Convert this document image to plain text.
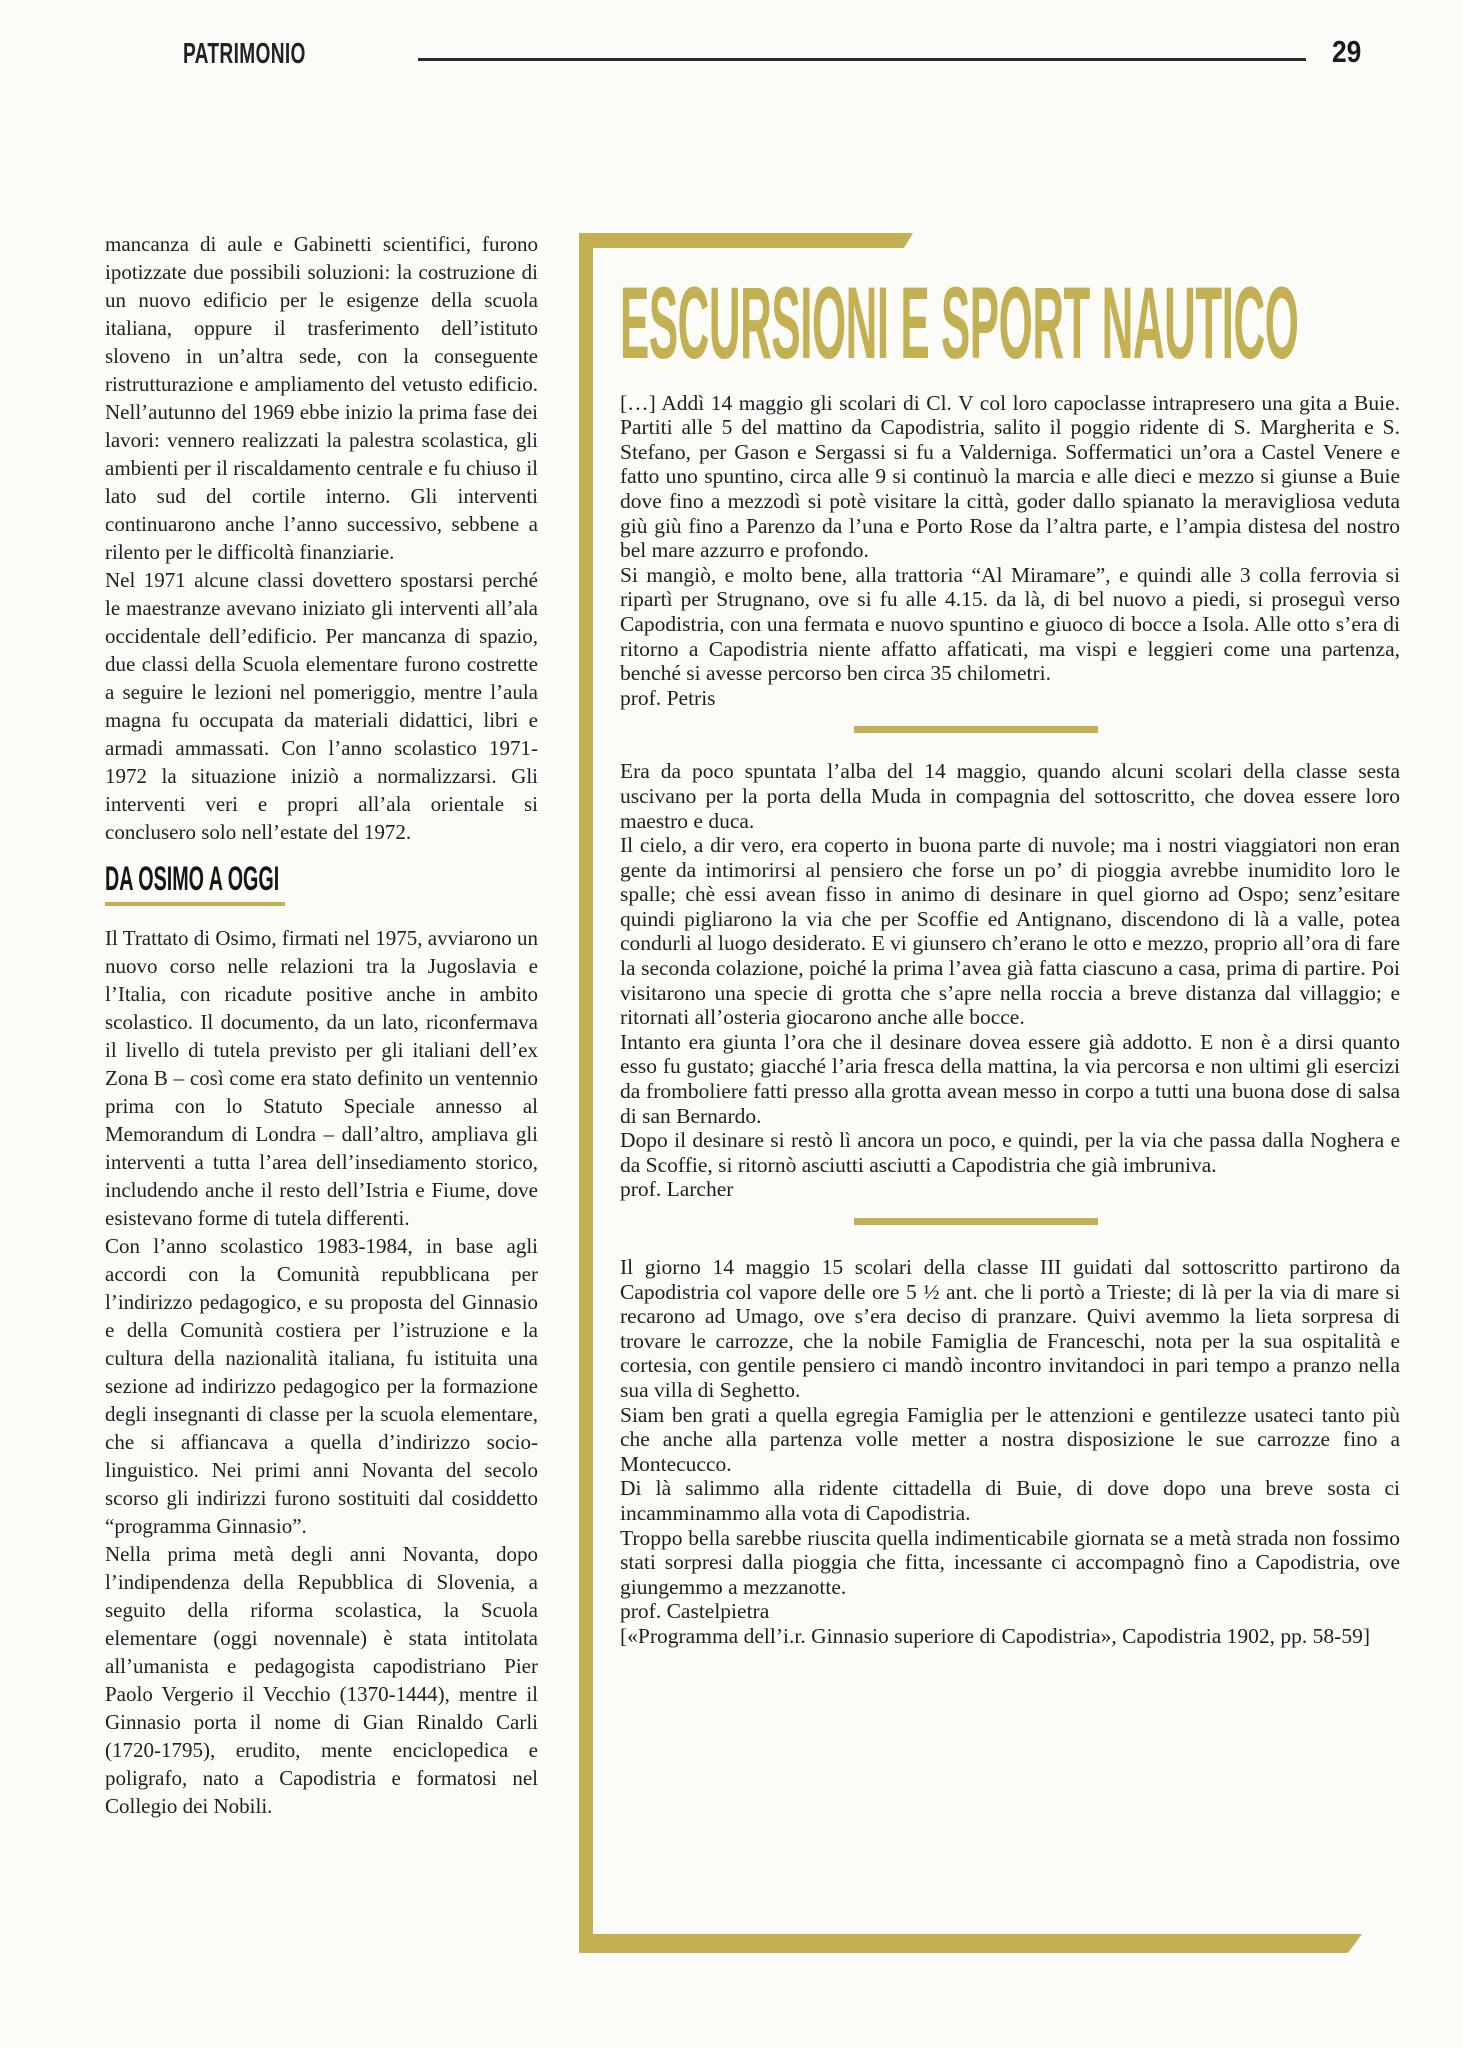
PATRIMONIO	29

mancanza di aule e Gabinetti scientifici, furono ipotizzate due possibili soluzioni: la costruzione di un nuovo edificio per le esigenze della scuola italiana, oppure il trasferimento dell’istituto sloveno in un’altra sede, con la conseguente ristrutturazione e ampliamento del vetusto edificio. Nell’autunno del 1969 ebbe inizio la prima fase dei lavori: vennero realizzati la palestra scolastica, gli ambienti per il riscaldamento centrale e fu chiuso il lato sud del cortile interno. Gli interventi continuarono anche l’anno successivo, sebbene a rilento per le difficoltà finanziarie.

Nel 1971 alcune classi dovettero spostarsi perché le maestranze avevano iniziato gli interventi all’ala occidentale dell’edificio. Per mancanza di spazio, due classi della Scuola elementare furono costrette a seguire le lezioni nel pomeriggio, mentre l’aula magna fu occupata da materiali didattici, libri e armadi ammassati. Con l’anno scolastico 1971-1972 la situazione iniziò a normalizzarsi. Gli interventi veri e propri all’ala orientale si conclusero solo nell’estate del 1972.

DA OSIMO A OGGI

Il Trattato di Osimo, firmati nel 1975, avviarono un nuovo corso nelle relazioni tra la Jugoslavia e l’Italia, con ricadute positive anche in ambito scolastico. Il documento, da un lato, riconfermava il livello di tutela previsto per gli italiani dell’ex Zona B – così come era stato definito un ventennio prima con lo Statuto Speciale annesso al Memorandum di Londra – dall’altro, ampliava gli interventi a tutta l’area dell’insediamento storico, includendo anche il resto dell’Istria e Fiume, dove esistevano forme di tutela differenti.

Con l’anno scolastico 1983-1984, in base agli accordi con la Comunità repubblicana per l’indirizzo pedagogico, e su proposta del Ginnasio e della Comunità costiera per l’istruzione e la cultura della nazionalità italiana, fu istituita una sezione ad indirizzo pedagogico per la formazione degli insegnanti di classe per la scuola elementare, che si affiancava a quella d’indirizzo socio-linguistico. Nei primi anni Novanta del secolo scorso gli indirizzi furono sostituiti dal cosiddetto “programma Ginnasio”.

Nella prima metà degli anni Novanta, dopo l’indipendenza della Repubblica di Slovenia, a seguito della riforma scolastica, la Scuola elementare (oggi novennale) è stata intitolata all’umanista e pedagogista capodistriano Pier Paolo Vergerio il Vecchio (1370-1444), mentre il Ginnasio porta il nome di Gian Rinaldo Carli (1720-1795), erudito, mente enciclopedica e poligrafo, nato a Capodistria e formatosi nel Collegio dei Nobili.

ESCURSIONI E SPORT NAUTICO

[…] Addì 14 maggio gli scolari di Cl. V col loro capoclasse intrapresero una gita a Buie. Partiti alle 5 del mattino da Capodistria, salito il poggio ridente di S. Margherita e S. Stefano, per Gason e Sergassi si fu a Valderniga. Soffermatici un’ora a Castel Venere e fatto uno spuntino, circa alle 9 si continuò la marcia e alle dieci e mezzo si giunse a Buie dove fino a mezzodì si potè visitare la città, goder dallo spianato la meravigliosa veduta giù giù fino a Parenzo da l’una e Porto Rose da l’altra parte, e l’ampia distesa del nostro bel mare azzurro e profondo.

Si mangiò, e molto bene, alla trattoria “Al Miramare”, e quindi alle 3 colla ferrovia si ripartì per Strugnano, ove si fu alle 4.15. da là, di bel nuovo a piedi, si proseguì verso Capodistria, con una fermata e nuovo spuntino e giuoco di bocce a Isola. Alle otto s’era di ritorno a Capodistria niente affatto affaticati, ma vispi e leggieri come una partenza, benché si avesse percorso ben circa 35 chilometri.

prof. Petris

Era da poco spuntata l’alba del 14 maggio, quando alcuni scolari della classe sesta uscivano per la porta della Muda in compagnia del sottoscritto, che dovea essere loro maestro e duca.

Il cielo, a dir vero, era coperto in buona parte di nuvole; ma i nostri viaggiatori non eran gente da intimorirsi al pensiero che forse un po’ di pioggia avrebbe inumidito loro le spalle; chè essi avean fisso in animo di desinare in quel giorno ad Ospo; senz’esitare quindi pigliarono la via che per Scoffie ed Antignano, discendono di là a valle, potea condurli al luogo desiderato. E vi giunsero ch’erano le otto e mezzo, proprio all’ora di fare la seconda colazione, poiché la prima l’avea già fatta ciascuno a casa, prima di partire. Poi visitarono una specie di grotta che s’apre nella roccia a breve distanza dal villaggio; e ritornati all’osteria giocarono anche alle bocce.

Intanto era giunta l’ora che il desinare dovea essere già addotto. E non è a dirsi quanto esso fu gustato; giacché l’aria fresca della mattina, la via percorsa e non ultimi gli esercizi da fromboliere fatti presso alla grotta avean messo in corpo a tutti una buona dose di salsa di san Bernardo.

Dopo il desinare si restò lì ancora un poco, e quindi, per la via che passa dalla Noghera e da Scoffie, si ritornò asciutti asciutti a Capodistria che già imbruniva.

prof. Larcher

Il giorno 14 maggio 15 scolari della classe III guidati dal sottoscritto partirono da Capodistria col vapore delle ore 5 ½ ant. che li portò a Trieste; di là per la via di mare si recarono ad Umago, ove s’era deciso di pranzare. Quivi avemmo la lieta sorpresa di trovare le carrozze, che la nobile Famiglia de Franceschi, nota per la sua ospitalità e cortesia, con gentile pensiero ci mandò incontro invitandoci in pari tempo a pranzo nella sua villa di Seghetto.

Siam ben grati a quella egregia Famiglia per le attenzioni e gentilezze usateci tanto più che anche alla partenza volle metter a nostra disposizione le sue carrozze fino a Montecucco.

Di là salimmo alla ridente cittadella di Buie, di dove dopo una breve sosta ci incamminammo alla vota di Capodistria.

Troppo bella sarebbe riuscita quella indimenticabile giornata se a metà strada non fossimo stati sorpresi dalla pioggia che fitta, incessante ci accompagnò fino a Capodistria, ove giungemmo a mezzanotte.

prof. Castelpietra

[«Programma dell’i.r. Ginnasio superiore di Capodistria», Capodistria 1902, pp. 58-59]
